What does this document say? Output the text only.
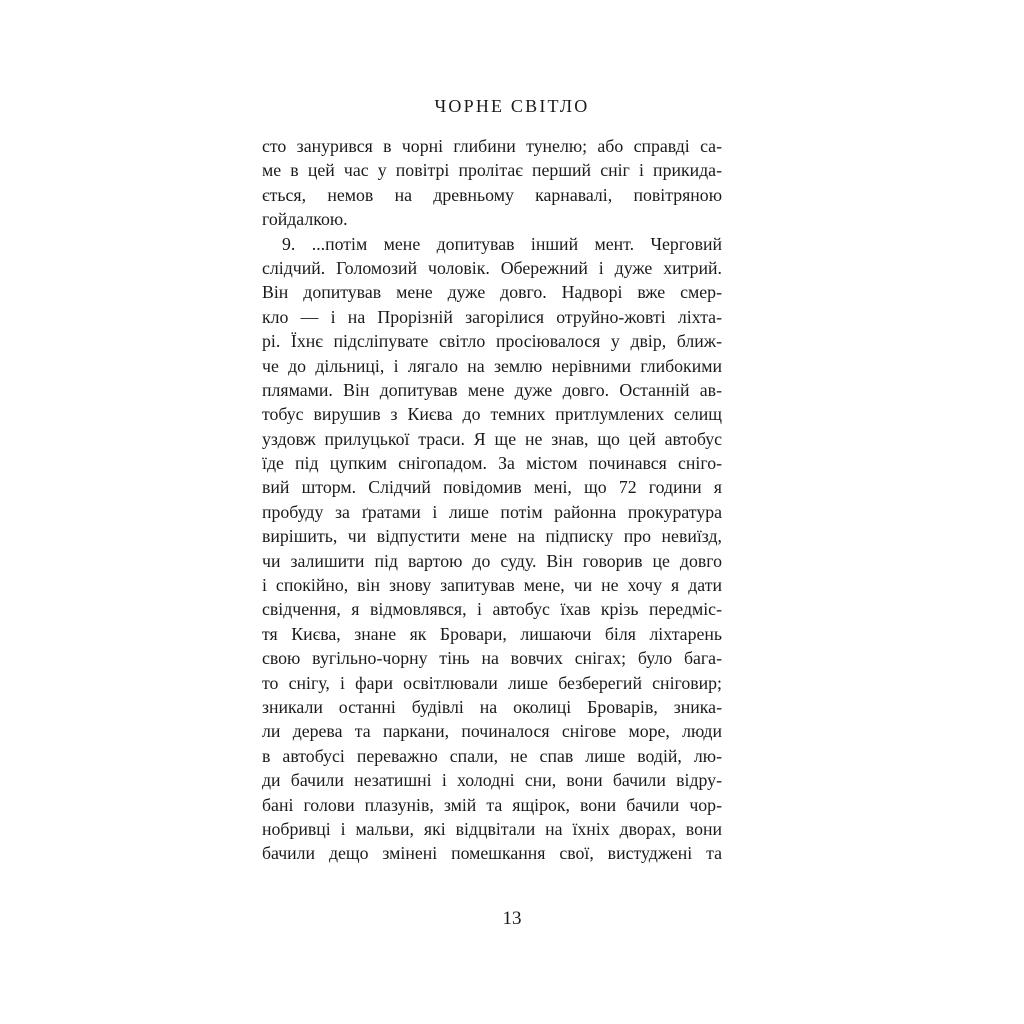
ЧОРНЕ СВІТЛО
сто занурився в чорні глибини тунелю; або справді са-
ме в цей час у повітрі пролітає перший сніг і прикида-
ється, немов на древньому карнавалі, повітряною
гойдалкою.
9. ...потім мене допитував інший мент. Черговий
слідчий. Голомозий чоловік. Обережний і дуже хитрий.
Він допитував мене дуже довго. Надворі вже смер-
кло — і на Прорізній загорілися отруйно-жовті ліхта-
рі. Їхнє підсліпувате світло просіювалося у двір, ближ-
че до дільниці, і лягало на землю нерівними глибокими
плямами. Він допитував мене дуже довго. Останній ав-
тобус вирушив з Києва до темних притлумлених селищ
уздовж прилуцької траси. Я ще не знав, що цей автобус
їде під цупким снігопадом. За містом починався сніго-
вий шторм. Слідчий повідомив мені, що 72 години я
пробуду за ґратами і лише потім районна прокуратура
вирішить, чи відпустити мене на підписку про невиїзд,
чи залишити під вартою до суду. Він говорив це довго
і спокійно, він знову запитував мене, чи не хочу я дати
свідчення, я відмовлявся, і автобус їхав крізь передміс-
тя Києва, знане як Бровари, лишаючи біля ліхтарень
свою вугільно-чорну тінь на вовчих снігах; було бага-
то снігу, і фари освітлювали лише безберегий сніговир;
зникали останні будівлі на околиці Броварів, зника-
ли дерева та паркани, починалося снігове море, люди
в автобусі переважно спали, не спав лише водій, лю-
ди бачили незатишні і холодні сни, вони бачили відру-
бані голови плазунів, змій та ящірок, вони бачили чор-
нобривці і мальви, які відцвітали на їхніх дворах, вони
бачили дещо змінені помешкання свої, вистуджені та
13
